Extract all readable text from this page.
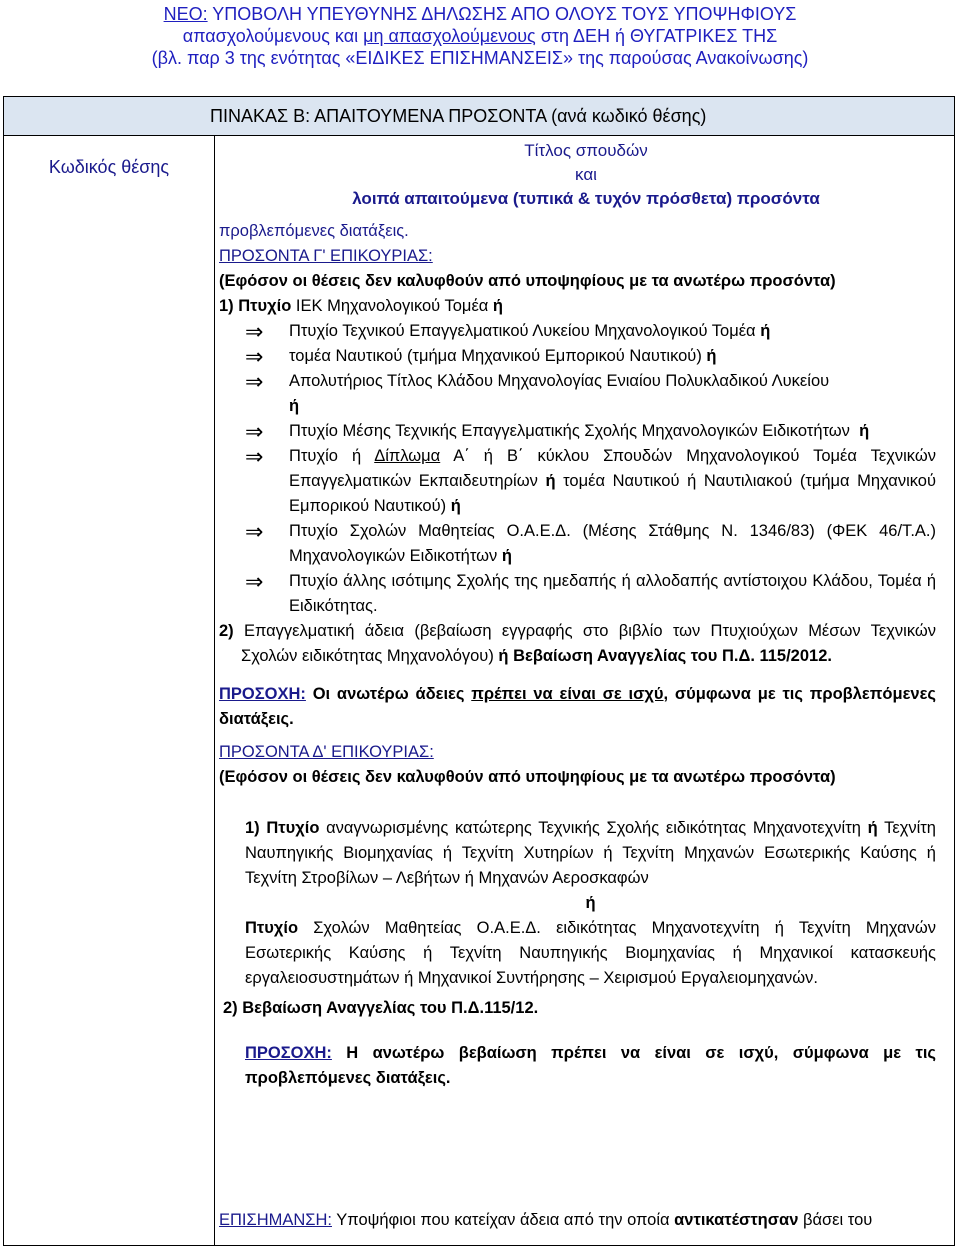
ΝΕΟ: ΥΠΟΒΟΛΗ ΥΠΕΥΘΥΝΗΣ ΔΗΛΩΣΗΣ ΑΠΟ ΟΛΟΥΣ ΤΟΥΣ ΥΠΟΨΗΦΙΟΥΣ
απασχολούμενους και μη απασχολούμενους στη ΔΕΗ ή ΘΥΓΑΤΡΙΚΕΣ ΤΗΣ
(βλ. παρ 3 της ενότητας «ΕΙΔΙΚΕΣ ΕΠΙΣΗΜΑΝΣΕΙΣ» της παρούσας Ανακοίνωσης)
ΠΙΝΑΚΑΣ Β: ΑΠΑΙΤΟΥΜΕΝΑ ΠΡΟΣΟΝΤΑ (ανά κωδικό θέσης)
Κωδικός θέσης
Τίτλος σπουδών
και
λοιπά απαιτούμενα (τυπικά & τυχόν πρόσθετα) προσόντα

προβλεπόμενες διατάξεις.

ΠΡΟΣΟΝΤΑ Γ' ΕΠΙΚΟΥΡΙΑΣ:

(Εφόσον οι θέσεις δεν καλυφθούν από υποψηφίους με τα ανωτέρω προσόντα)

1) Πτυχίο ΙΕΚ Μηχανολογικού Τομέα ή

⇒ Πτυχίο Τεχνικού Επαγγελματικού Λυκείου Μηχανολογικού Τομέα ή
⇒ τομέα Ναυτικού (τμήμα Μηχανικού Εμπορικού Ναυτικού) ή
⇒ Απολυτήριος Τίτλος Κλάδου Μηχανολογίας Ενιαίου Πολυκλαδικού Λυκείου
ή
⇒ Πτυχίο Μέσης Τεχνικής Επαγγελματικής Σχολής Μηχανολογικών Ειδικοτήτων ή
⇒ Πτυχίο ή Δίπλωμα Α΄ ή Β΄ κύκλου Σπουδών Μηχανολογικού Τομέα Τεχνικών Επαγγελματικών Εκπαιδευτηρίων ή τομέα Ναυτικού ή Ναυτιλιακού (τμήμα Μηχανικού Εμπορικού Ναυτικού) ή
⇒ Πτυχίο Σχολών Μαθητείας Ο.Α.Ε.Δ. (Μέσης Στάθμης Ν. 1346/83) (ΦΕΚ 46/Τ.Α.) Μηχανολογικών Ειδικοτήτων ή
⇒ Πτυχίο άλλης ισότιμης Σχολής της ημεδαπής ή αλλοδαπής αντίστοιχου Κλάδου, Τομέα ή Ειδικότητας.

2) Επαγγελματική άδεια (βεβαίωση εγγραφής στο βιβλίο των Πτυχιούχων Μέσων Τεχνικών Σχολών ειδικότητας Μηχανολόγου) ή Βεβαίωση Αναγγελίας του Π.Δ. 115/2012.

ΠΡΟΣΟΧΗ: Οι ανωτέρω άδειες πρέπει να είναι σε ισχύ, σύμφωνα με τις προβλεπόμενες διατάξεις.

ΠΡΟΣΟΝΤΑ Δ' ΕΠΙΚΟΥΡΙΑΣ:

(Εφόσον οι θέσεις δεν καλυφθούν από υποψηφίους με τα ανωτέρω προσόντα)

1) Πτυχίο αναγνωρισμένης κατώτερης Τεχνικής Σχολής ειδικότητας Μηχανοτεχνίτη ή Τεχνίτη Ναυπηγικής Βιομηχανίας ή Τεχνίτη Χυτηρίων ή Τεχνίτη Μηχανών Εσωτερικής Καύσης ή Τεχνίτη Στροβίλων – Λεβήτων ή Μηχανών Αεροσκαφών
ή
Πτυχίο Σχολών Μαθητείας Ο.Α.Ε.Δ. ειδικότητας Μηχανοτεχνίτη ή Τεχνίτη Μηχανών Εσωτερικής Καύσης ή Τεχνίτη Ναυπηγικής Βιομηχανίας ή Μηχανικοί κατασκευής εργαλειοσυστημάτων ή Μηχανικοί Συντήρησης – Χειρισμού Εργαλειομηχανών.
2) Βεβαίωση Αναγγελίας του Π.Δ.115/12.
ΠΡΟΣΟΧΗ: Η ανωτέρω βεβαίωση πρέπει να είναι σε ισχύ, σύμφωνα με τις προβλεπόμενες διατάξεις.
ΕΠΙΣΗΜΑΝΣΗ: Υποψήφιοι που κατείχαν άδεια από την οποία αντικατέστησαν βάσει του
